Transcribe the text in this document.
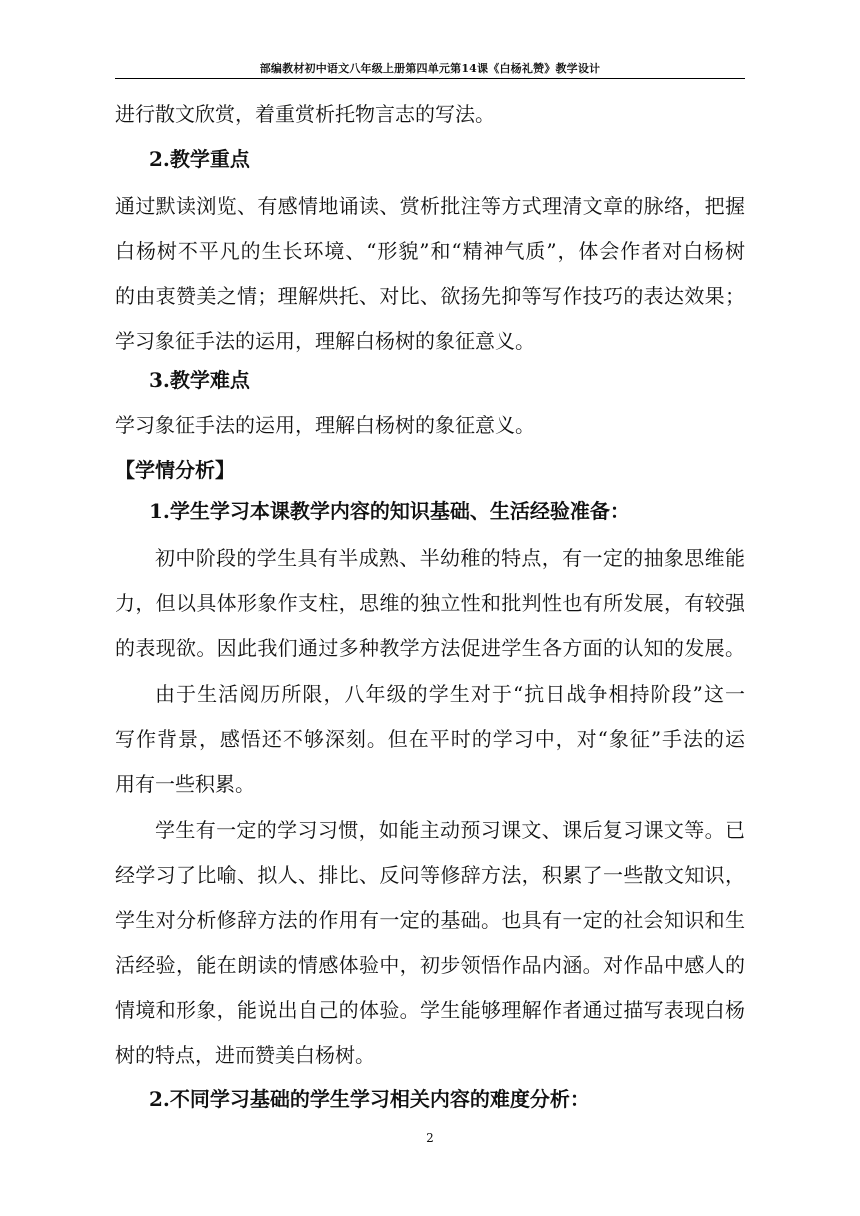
部编教材初中语文八年级上册第四单元第14课《白杨礼赞》教学设计
进行散文欣赏，着重赏析托物言志的写法。
2.教学重点
通过默读浏览、有感情地诵读、赏析批注等方式理清文章的脉络，把握
白杨树不平凡的生长环境、“形貌”和“精神气质”，体会作者对白杨树
的由衷赞美之情；理解烘托、对比、欲扬先抑等写作技巧的表达效果；
学习象征手法的运用，理解白杨树的象征意义。
3.教学难点
学习象征手法的运用，理解白杨树的象征意义。
【学情分析】
1.学生学习本课教学内容的知识基础、生活经验准备：
初中阶段的学生具有半成熟、半幼稚的特点，有一定的抽象思维能
力，但以具体形象作支柱，思维的独立性和批判性也有所发展，有较强
的表现欲。因此我们通过多种教学方法促进学生各方面的认知的发展。
由于生活阅历所限，八年级的学生对于“抗日战争相持阶段”这一
写作背景，感悟还不够深刻。但在平时的学习中，对“象征”手法的运
用有一些积累。
学生有一定的学习习惯，如能主动预习课文、课后复习课文等。已
经学习了比喻、拟人、排比、反问等修辞方法，积累了一些散文知识，
学生对分析修辞方法的作用有一定的基础。也具有一定的社会知识和生
活经验，能在朗读的情感体验中，初步领悟作品内涵。对作品中感人的
情境和形象，能说出自己的体验。学生能够理解作者通过描写表现白杨
树的特点，进而赞美白杨树。
2.不同学习基础的学生学习相关内容的难度分析：
2
